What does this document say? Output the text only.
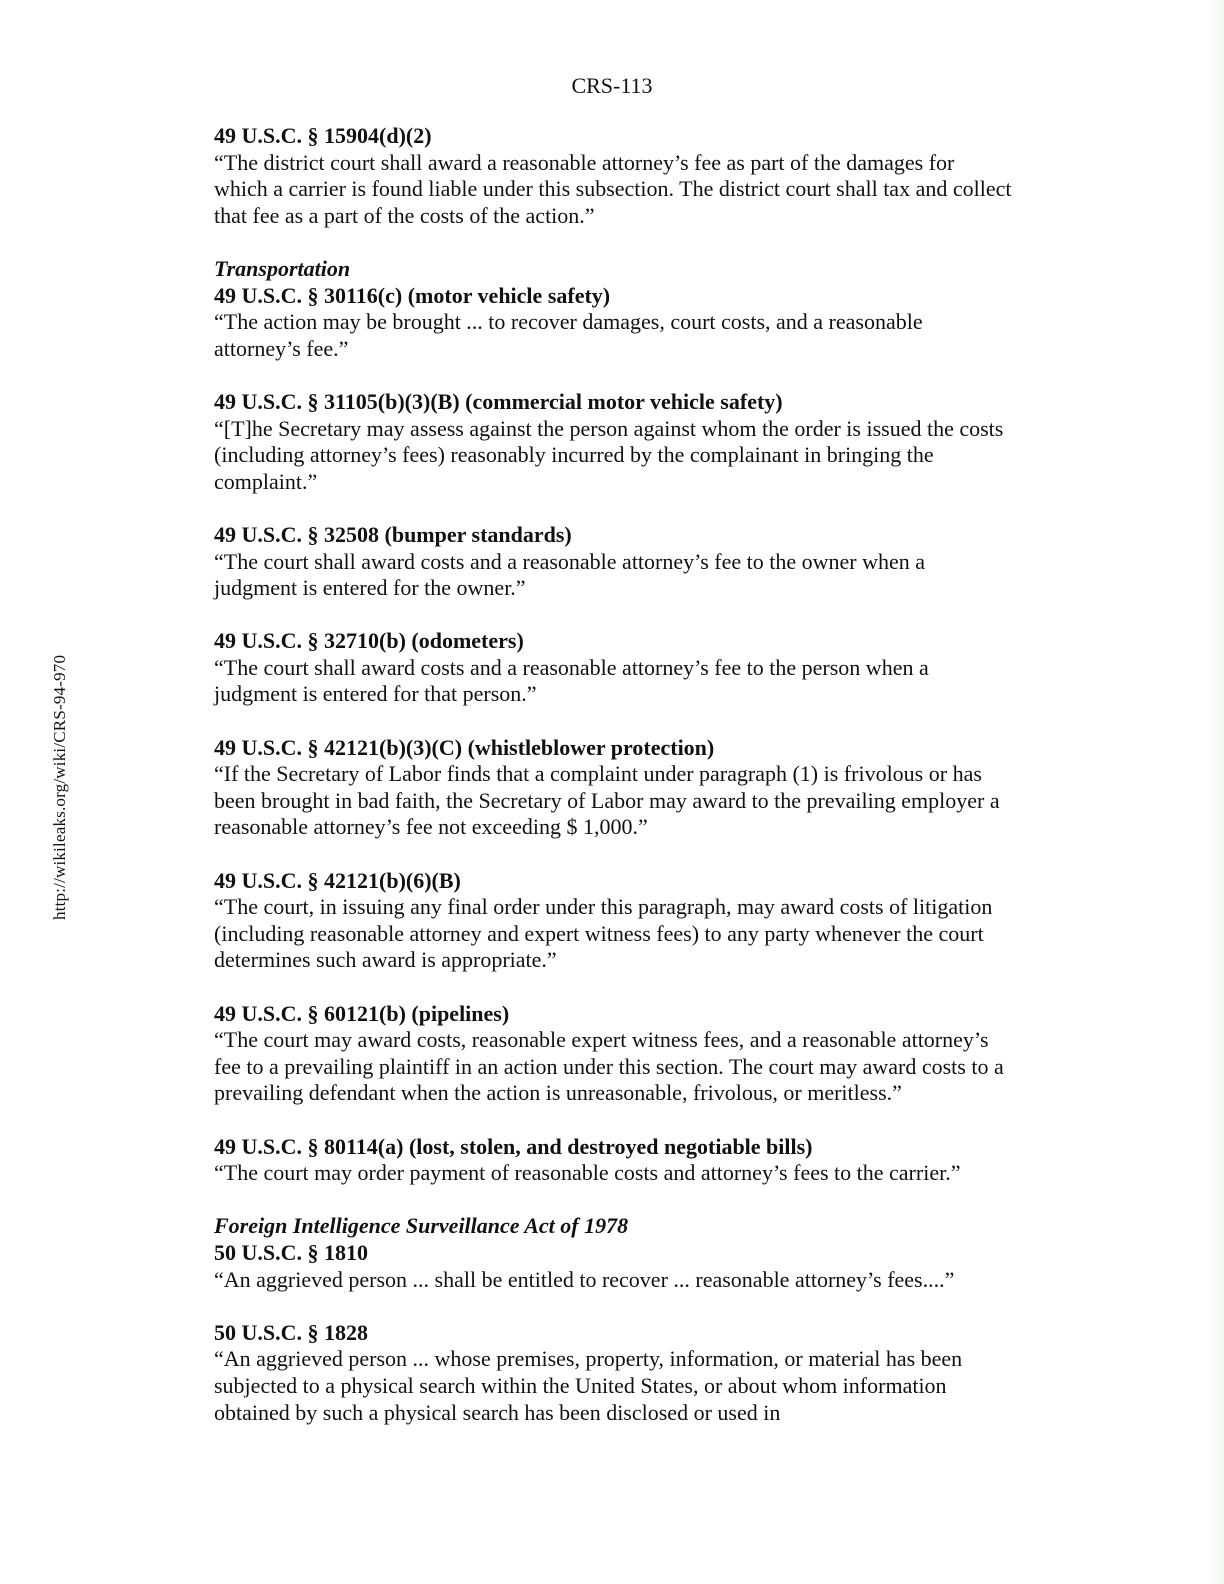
CRS-113
http://wikileaks.org/wiki/CRS-94-970
49 U.S.C. § 15904(d)(2)

“The district court shall award a reasonable attorney’s fee as part of the damages for which a carrier is found liable under this subsection. The district court shall tax and collect that fee as a part of the costs of the action.”

Transportation
49 U.S.C. § 30116(c) (motor vehicle safety)

“The action may be brought ... to recover damages, court costs, and a reasonable attorney’s fee.”

49 U.S.C. § 31105(b)(3)(B) (commercial motor vehicle safety)

“[T]he Secretary may assess against the person against whom the order is issued the costs (including attorney’s fees) reasonably incurred by the complainant in bringing the complaint.”

49 U.S.C. § 32508 (bumper standards)

“The court shall award costs and a reasonable attorney’s fee to the owner when a judgment is entered for the owner.”

49 U.S.C. § 32710(b) (odometers)

“The court shall award costs and a reasonable attorney’s fee to the person when a judgment is entered for that person.”

49 U.S.C. § 42121(b)(3)(C) (whistleblower protection)

“If the Secretary of Labor finds that a complaint under paragraph (1) is frivolous or has been brought in bad faith, the Secretary of Labor may award to the prevailing employer a reasonable attorney’s fee not exceeding $ 1,000.”

49 U.S.C. § 42121(b)(6)(B)

“The court, in issuing any final order under this paragraph, may award costs of litigation (including reasonable attorney and expert witness fees) to any party whenever the court determines such award is appropriate.”

49 U.S.C. § 60121(b) (pipelines)

“The court may award costs, reasonable expert witness fees, and a reasonable attorney’s fee to a prevailing plaintiff in an action under this section. The court may award costs to a prevailing defendant when the action is unreasonable, frivolous, or meritless.”

49 U.S.C. § 80114(a) (lost, stolen, and destroyed negotiable bills)

“The court may order payment of reasonable costs and attorney’s fees to the carrier.”

Foreign Intelligence Surveillance Act of 1978
50 U.S.C. § 1810

“An aggrieved person ... shall be entitled to recover ... reasonable attorney’s fees....”

50 U.S.C. § 1828

“An aggrieved person ... whose premises, property, information, or material has been subjected to a physical search within the United States, or about whom information obtained by such a physical search has been disclosed or used in
